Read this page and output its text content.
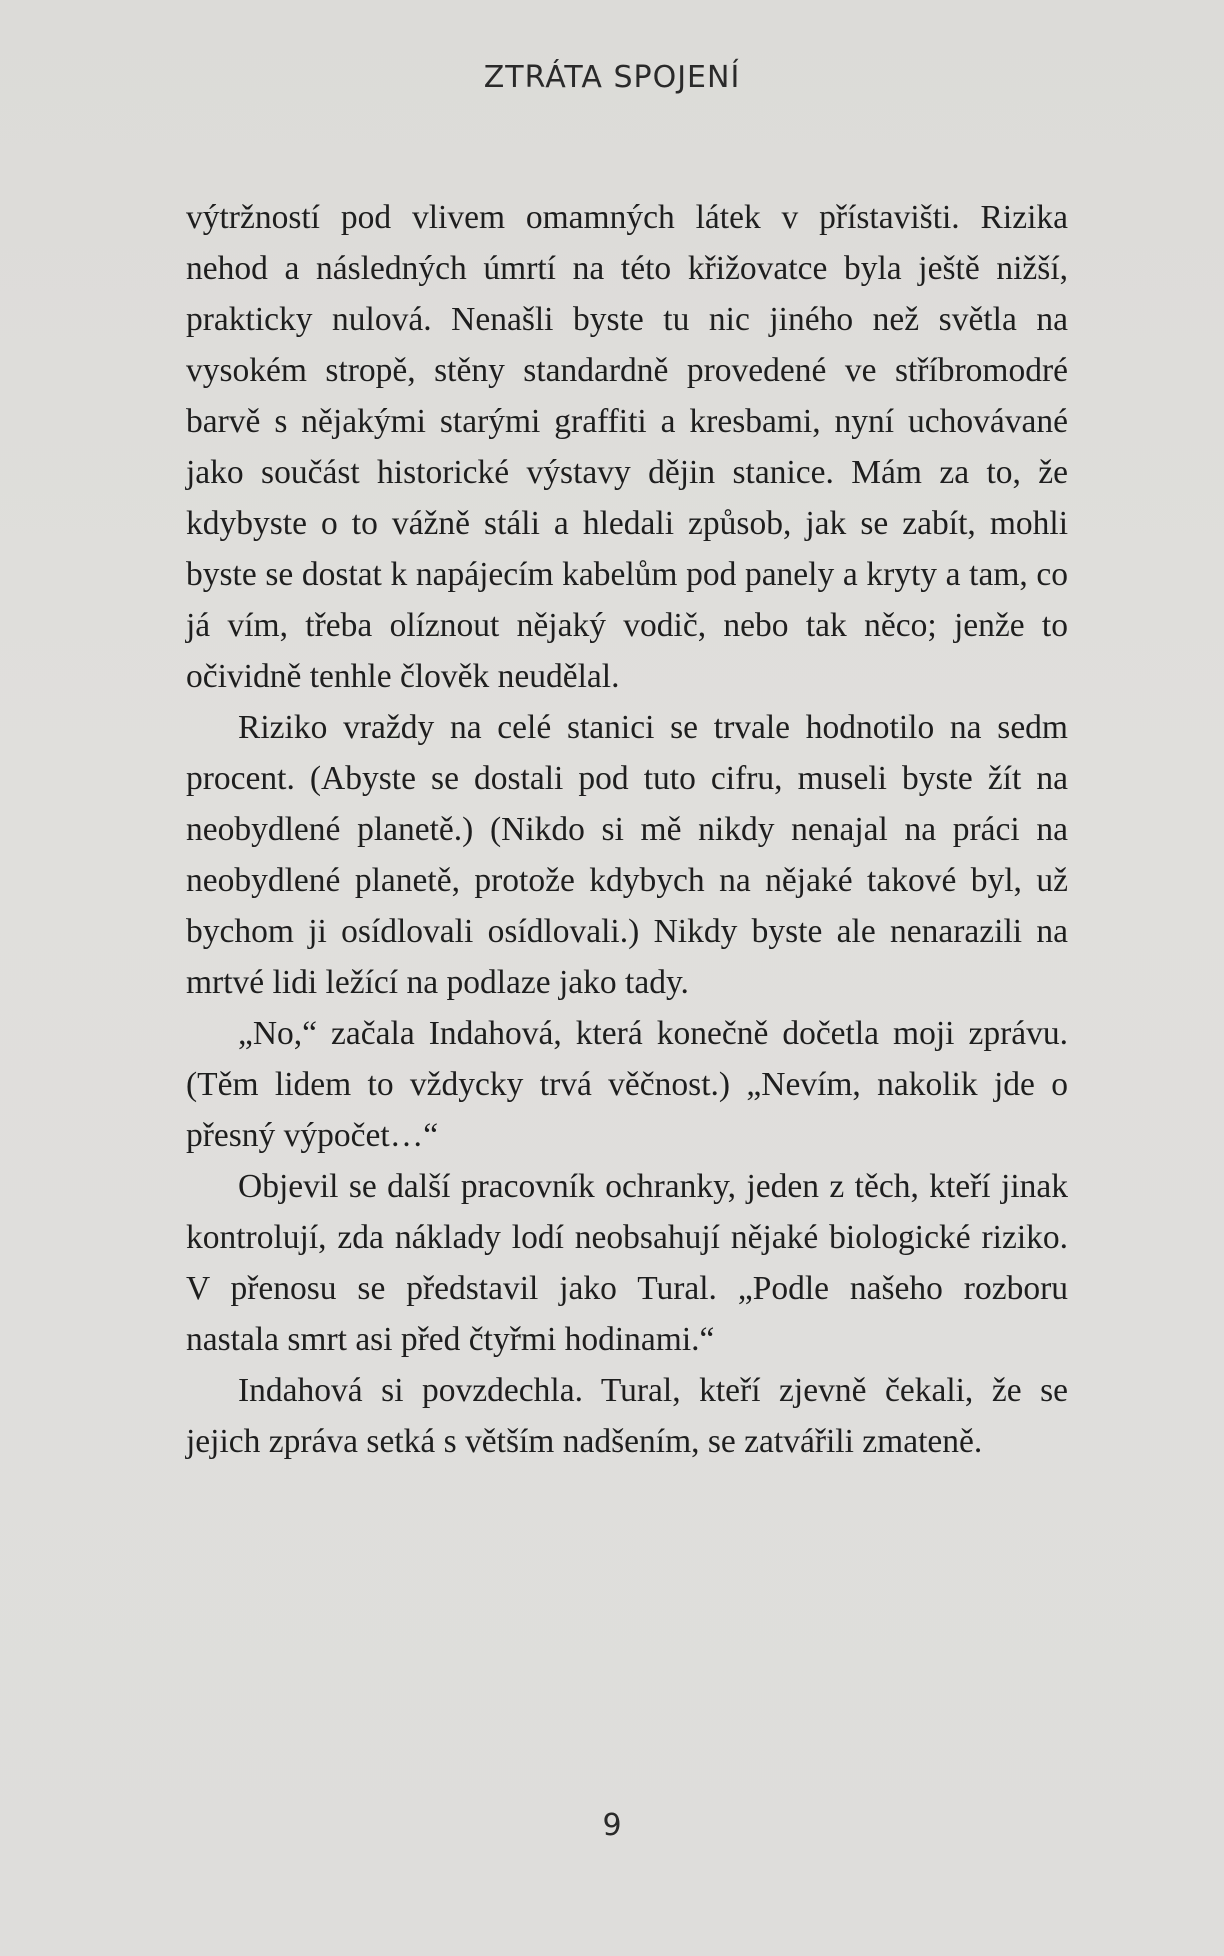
ZTRÁTA SPOJENÍ

výtržností pod vlivem omamných látek v přístavišti. Rizika nehod a následných úmrtí na této křižovatce byla ještě nižší, prakticky nulová. Nenašli byste tu nic jiného než světla na vysokém stropě, stěny standardně provedené ve stříbromodré barvě s nějakými starými graffiti a kresbami, nyní uchovávané jako součást historické výstavy dějin stanice. Mám za to, že kdybyste o to vážně stáli a hledali způsob, jak se zabít, mohli byste se dostat k napájecím kabelům pod panely a kryty a tam, co já vím, třeba olíznout nějaký vodič, nebo tak něco; jenže to očividně tenhle člověk neudělal.

Riziko vraždy na celé stanici se trvale hodnotilo na sedm procent. (Abyste se dostali pod tuto cifru, museli byste žít na neobydlené planetě.) (Nikdo si mě nikdy nenajal na práci na neobydlené planetě, protože kdybych na nějaké takové byl, už bychom ji osídlovali osídlovali.) Nikdy byste ale nenarazili na mrtvé lidi ležící na podlaze jako tady.

„No,“ začala Indahová, která konečně dočetla moji zprávu. (Těm lidem to vždycky trvá věčnost.) „Nevím, nakolik jde o přesný výpočet…“

Objevil se další pracovník ochranky, jeden z těch, kteří jinak kontrolují, zda náklady lodí neobsahují nějaké biologické riziko. V přenosu se představil jako Tural. „Podle našeho rozboru nastala smrt asi před čtyřmi hodinami.“

Indahová si povzdechla. Tural, kteří zjevně čekali, že se jejich zpráva setká s větším nadšením, se zatvářili zmateně.

9
